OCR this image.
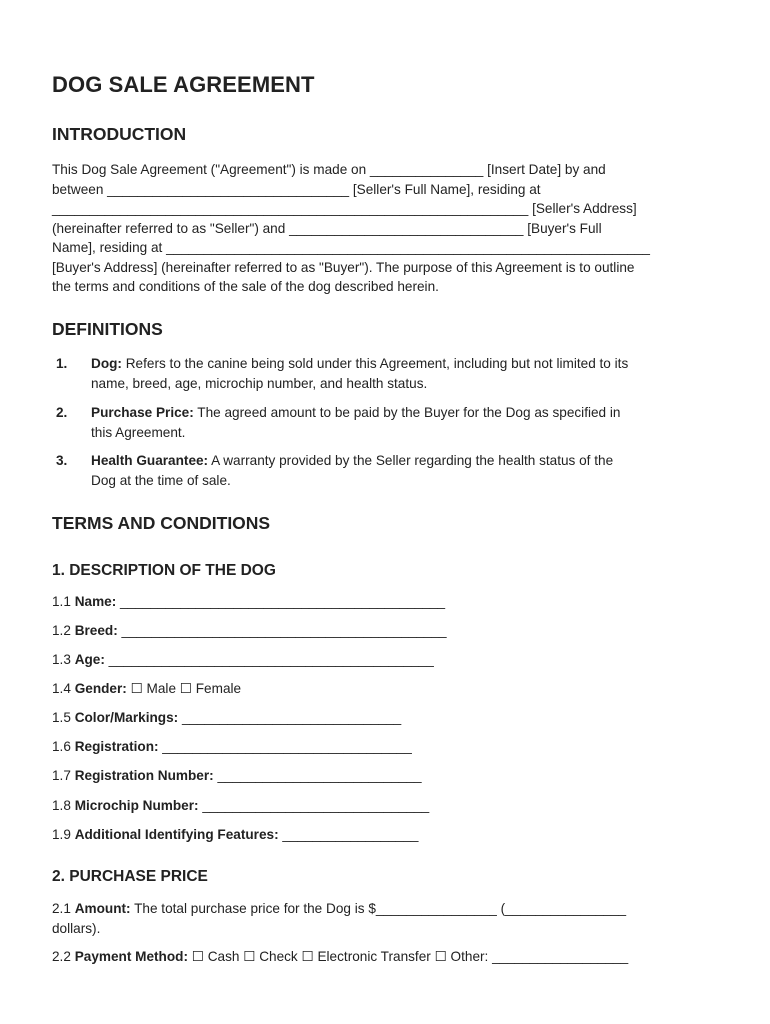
DOG SALE AGREEMENT
INTRODUCTION

This Dog Sale Agreement ("Agreement") is made on _______________ [Insert Date] by and
between ________________________________ [Seller's Full Name], residing at
_______________________________________________________________ [Seller's Address]
(hereinafter referred to as "Seller") and _______________________________ [Buyer's Full
Name], residing at ________________________________________________________________
[Buyer's Address] (hereinafter referred to as "Buyer"). The purpose of this Agreement is to outline
the terms and conditions of the sale of the dog described herein.

DEFINITIONS
1. Dog: Refers to the canine being sold under this Agreement, including but not limited to its
name, breed, age, microchip number, and health status.
2. Purchase Price: The agreed amount to be paid by the Buyer for the Dog as specified in
this Agreement.
3. Health Guarantee: A warranty provided by the Seller regarding the health status of the
Dog at the time of sale.
TERMS AND CONDITIONS
1. DESCRIPTION OF THE DOG
1.1 Name: ___________________________________________
1.2 Breed: ___________________________________________
1.3 Age: ___________________________________________
1.4 Gender: ☐ Male ☐ Female
1.5 Color/Markings: _____________________________
1.6 Registration: _________________________________
1.7 Registration Number: ___________________________
1.8 Microchip Number: ______________________________
1.9 Additional Identifying Features: __________________
2. PURCHASE PRICE
2.1 Amount: The total purchase price for the Dog is $________________ (________________
dollars).
2.2 Payment Method: ☐ Cash ☐ Check ☐ Electronic Transfer ☐ Other: __________________
